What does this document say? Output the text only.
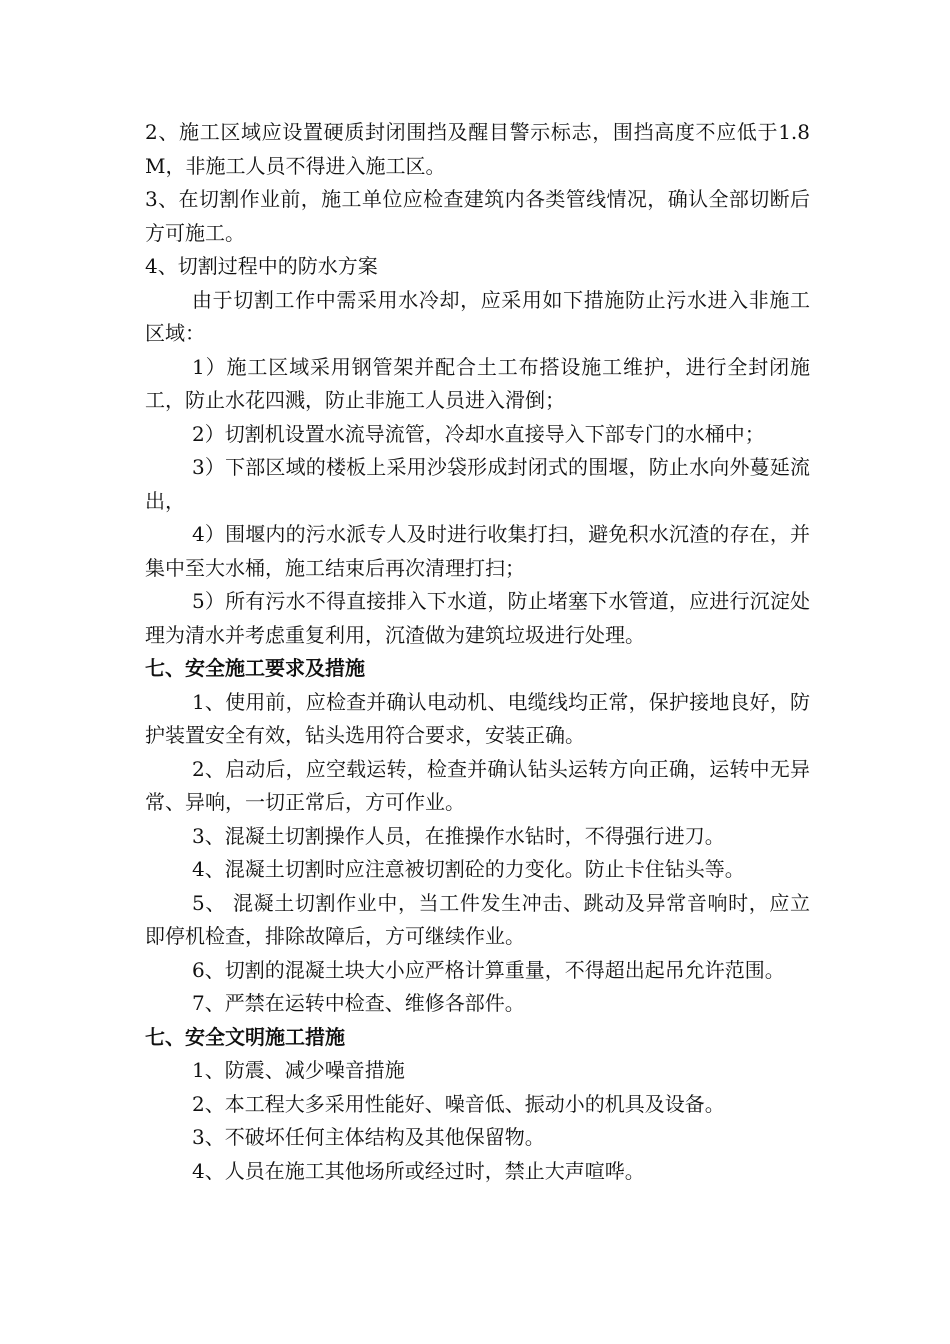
2、施工区域应设置硬质封闭围挡及醒目警示标志，围挡高度不应低于1.8M，非施工人员不得进入施工区。

3、在切割作业前，施工单位应检查建筑内各类管线情况，确认全部切断后方可施工。

4、切割过程中的防水方案

由于切割工作中需采用水冷却，应采用如下措施防止污水进入非施工区域：

1）施工区域采用钢管架并配合土工布搭设施工维护，进行全封闭施工，防止水花四溅，防止非施工人员进入滑倒；

2）切割机设置水流导流管，冷却水直接导入下部专门的水桶中；

3）下部区域的楼板上采用沙袋形成封闭式的围堰，防止水向外蔓延流出，

4）围堰内的污水派专人及时进行收集打扫，避免积水沉渣的存在，并集中至大水桶，施工结束后再次清理打扫；

5）所有污水不得直接排入下水道，防止堵塞下水管道，应进行沉淀处理为清水并考虑重复利用，沉渣做为建筑垃圾进行处理。

七、安全施工要求及措施

1、使用前，应检查并确认电动机、电缆线均正常，保护接地良好，防护装置安全有效，钻头选用符合要求，安装正确。

2、启动后，应空载运转，检查并确认钻头运转方向正确，运转中无异常、异响，一切正常后，方可作业。

3、混凝土切割操作人员，在推操作水钻时，不得强行进刀。

4、混凝土切割时应注意被切割砼的力变化。防止卡住钻头等。

5、 混凝土切割作业中，当工件发生冲击、跳动及异常音响时，应立即停机检查，排除故障后，方可继续作业。

6、切割的混凝土块大小应严格计算重量，不得超出起吊允许范围。

7、严禁在运转中检查、维修各部件。

七、安全文明施工措施

1、防震、减少噪音措施

2、本工程大多采用性能好、噪音低、振动小的机具及设备。

3、不破坏任何主体结构及其他保留物。

4、人员在施工其他场所或经过时，禁止大声喧哗。
